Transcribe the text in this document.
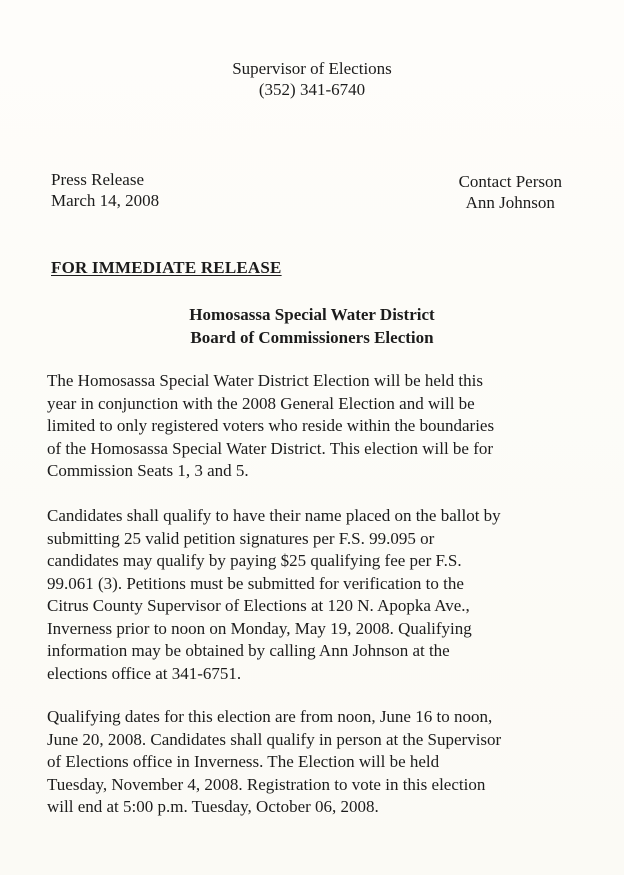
Supervisor of Elections
(352) 341-6740
Press Release
March 14, 2008
Contact Person
Ann Johnson
FOR IMMEDIATE RELEASE
Homosassa Special Water District
Board of Commissioners Election
The Homosassa Special Water District Election will be held this
year in conjunction with the 2008 General Election and will be
limited to only registered voters who reside within the boundaries
of the Homosassa Special Water District. This election will be for
Commission Seats 1, 3 and 5.
Candidates shall qualify to have their name placed on the ballot by
submitting 25 valid petition signatures per F.S. 99.095 or
candidates may qualify by paying $25 qualifying fee per F.S.
99.061 (3). Petitions must be submitted for verification to the
Citrus County Supervisor of Elections at 120 N. Apopka Ave.,
Inverness prior to noon on Monday, May 19, 2008. Qualifying
information may be obtained by calling Ann Johnson at the
elections office at 341-6751.
Qualifying dates for this election are from noon, June 16 to noon,
June 20, 2008. Candidates shall qualify in person at the Supervisor
of Elections office in Inverness. The Election will be held
Tuesday, November 4, 2008. Registration to vote in this election
will end at 5:00 p.m. Tuesday, October 06, 2008.
